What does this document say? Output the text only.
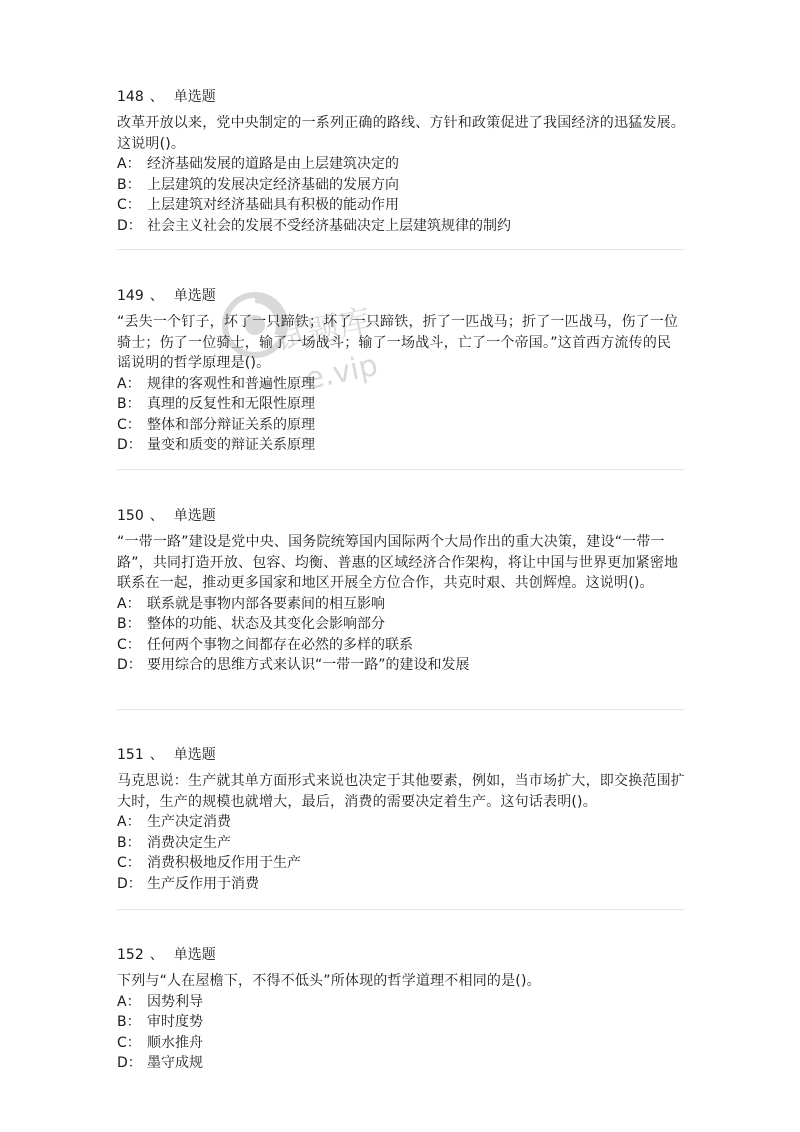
148 、 单选题
改革开放以来，党中央制定的一系列正确的路线、方针和政策促进了我国经济的迅猛发展。这说明()。
A： 经济基础发展的道路是由上层建筑决定的
B： 上层建筑的发展决定经济基础的发展方向
C： 上层建筑对经济基础具有积极的能动作用
D： 社会主义社会的发展不受经济基础决定上层建筑规律的制约
149 、 单选题
“丢失一个钉子，坏了一只蹄铁；坏了一只蹄铁，折了一匹战马；折了一匹战马，伤了一位骑士；伤了一位骑士，输了一场战斗；输了一场战斗，亡了一个帝国。”这首西方流传的民谣说明的哲学原理是()。
A： 规律的客观性和普遍性原理
B： 真理的反复性和无限性原理
C： 整体和部分辩证关系的原理
D： 量变和质变的辩证关系原理
试题库
e.vip
150 、 单选题
“一带一路”建设是党中央、国务院统筹国内国际两个大局作出的重大决策，建设“一带一路”，共同打造开放、包容、均衡、普惠的区域经济合作架构，将让中国与世界更加紧密地联系在一起，推动更多国家和地区开展全方位合作，共克时艰、共创辉煌。这说明()。
A： 联系就是事物内部各要素间的相互影响
B： 整体的功能、状态及其变化会影响部分
C： 任何两个事物之间都存在必然的多样的联系
D： 要用综合的思维方式来认识“一带一路”的建设和发展
151 、 单选题
马克思说：生产就其单方面形式来说也决定于其他要素，例如，当市场扩大，即交换范围扩大时，生产的规模也就增大，最后，消费的需要决定着生产。这句话表明()。
A： 生产决定消费
B： 消费决定生产
C： 消费积极地反作用于生产
D： 生产反作用于消费
152 、 单选题
下列与“人在屋檐下，不得不低头”所体现的哲学道理不相同的是()。
A： 因势利导
B： 审时度势
C： 顺水推舟
D： 墨守成规
